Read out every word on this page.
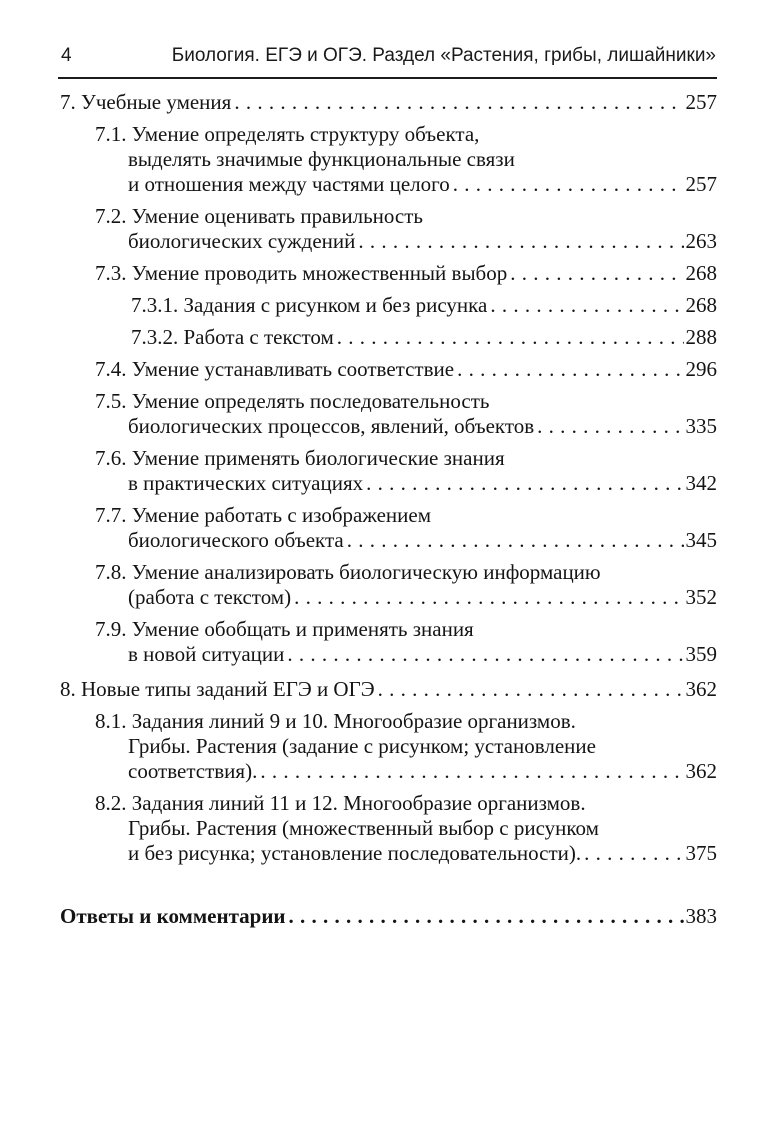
4	Биология. ЕГЭ и ОГЭ. Раздел «Растения, грибы, лишайники»
7. Учебные умения . . .	257
7.1. Умение определять структуру объекта,
выделять значимые функциональные связи
и отношения между частями целого . . .	257
7.2. Умение оценивать правильность
биологических суждений . . .	263
7.3. Умение проводить множественный выбор . . .	268
7.3.1. Задания с рисунком и без рисунка . . .	268
7.3.2. Работа с текстом . . .	288
7.4. Умение устанавливать соответствие . . .	296
7.5. Умение определять последовательность
биологических процессов, явлений, объектов . . .	335
7.6. Умение применять биологические знания
в практических ситуациях . . .	342
7.7. Умение работать с изображением
биологического объекта . . .	345
7.8. Умение анализировать биологическую информацию
(работа с текстом) . . .	352
7.9. Умение обобщать и применять знания
в новой ситуации . . .	359
8. Новые типы заданий ЕГЭ и ОГЭ . . .	362
8.1. Задания линий 9 и 10. Многообразие организмов.
Грибы. Растения (задание с рисунком; установление
соответствия). . . .	362
8.2. Задания линий 11 и 12. Многообразие организмов.
Грибы. Растения (множественный выбор с рисунком
и без рисунка; установление последовательности). . . .	375
Ответы и комментарии . . .	383
